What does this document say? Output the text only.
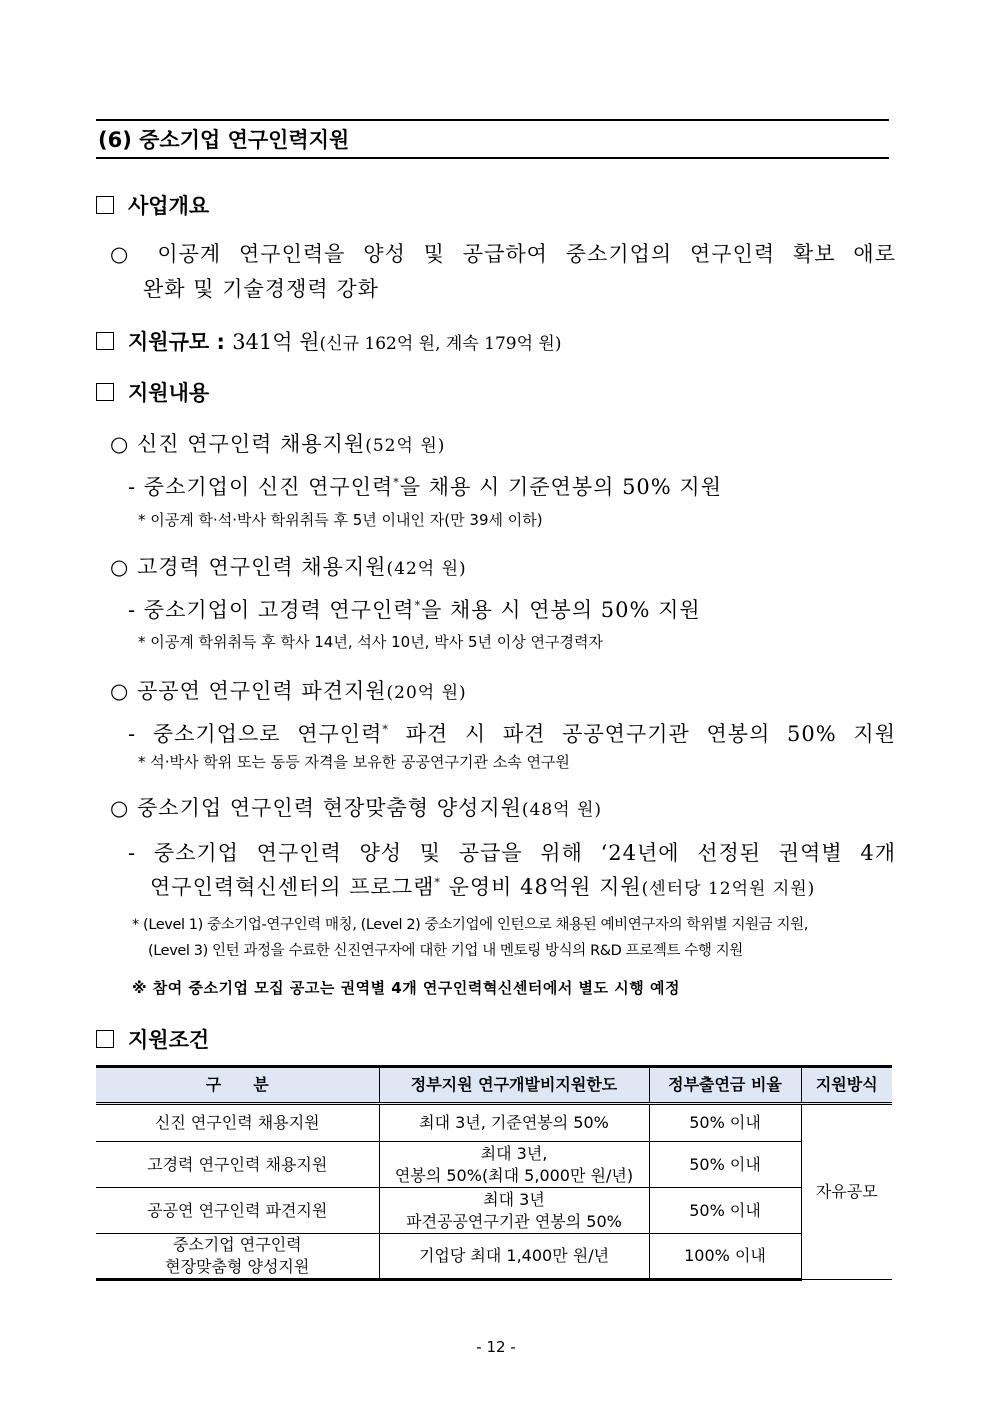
(6) 중소기업 연구인력지원
사업개요
○ 이공계 연구인력을 양성 및 공급하여 중소기업의 연구인력 확보 애로
완화 및 기술경쟁력 강화
지원규모 : 341억 원(신규 162억 원, 계속 179억 원)
지원내용
○ 신진 연구인력 채용지원(52억 원)
- 중소기업이 신진 연구인력*을 채용 시 기준연봉의 50% 지원
* 이공계 학·석·박사 학위취득 후 5년 이내인 자(만 39세 이하)
○ 고경력 연구인력 채용지원(42억 원)
- 중소기업이 고경력 연구인력*을 채용 시 연봉의 50% 지원
* 이공계 학위취득 후 학사 14년, 석사 10년, 박사 5년 이상 연구경력자
○ 공공연 연구인력 파견지원(20억 원)
- 중소기업으로 연구인력* 파견 시 파견 공공연구기관 연봉의 50% 지원
* 석·박사 학위 또는 동등 자격을 보유한 공공연구기관 소속 연구원
○ 중소기업 연구인력 현장맞춤형 양성지원(48억 원)
- 중소기업 연구인력 양성 및 공급을 위해 ‘24년에 선정된 권역별 4개
연구인력혁신센터의 프로그램* 운영비 48억원 지원(센터당 12억원 지원)
* (Level 1) 중소기업-연구인력 매칭, (Level 2) 중소기업에 인턴으로 채용된 예비연구자의 학위별 지원금 지원,
(Level 3) 인턴 과정을 수료한 신진연구자에 대한 기업 내 멘토링 방식의 R&D 프로젝트 수행 지원
※ 참여 중소기업 모집 공고는 권역별 4개 연구인력혁신센터에서 별도 시행 예정
지원조건
구　　분	정부지원 연구개발비지원한도	정부출연금 비율	지원방식
신진 연구인력 채용지원	최대 3년, 기준연봉의 50%	50% 이내	자유공모
고경력 연구인력 채용지원	최대 3년,
연봉의 50%(최대 5,000만 원/년)	50% 이내	
공공연 연구인력 파견지원	최대 3년
파견공공연구기관 연봉의 50%	50% 이내	

중소기업 연구인력
현장맞춤형 양성지원	기업당 최대 1,400만 원/년	100% 이내	
- 12 -
